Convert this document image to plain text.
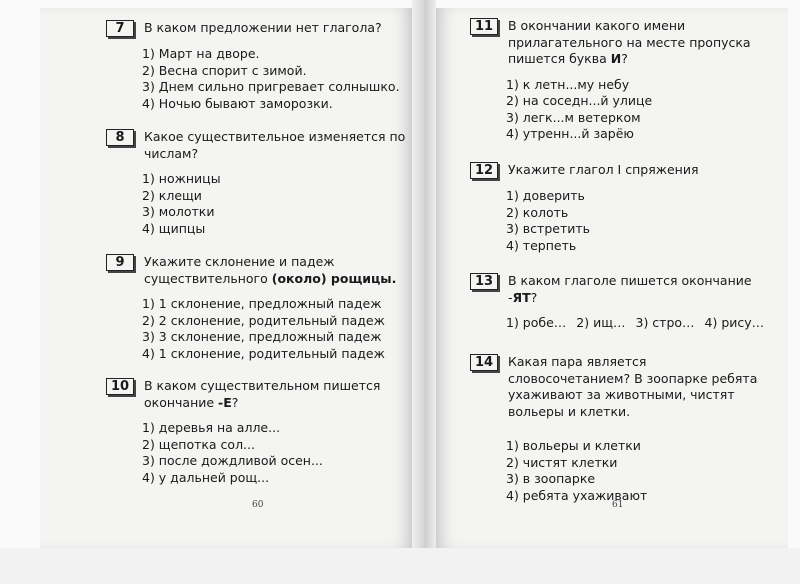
7	В каком предложении нет глагола?
1) Март на дворе.
2) Весна спорит с зимой.
3) Днем сильно пригревает солнышко.
4) Ночью бывают заморозки.
8	Какое существительное изменяется по числам?
1) ножницы
2) клещи
3) молотки
4) щипцы
9	Укажите склонение и падеж существительного (около) рощицы.
1) 1 склонение, предложный падеж
2) 2 склонение, родительный падеж
3) 3 склонение, предложный падеж
4) 1 склонение, родительный падеж
10	В каком существительном пишется окончание -Е?
1) деревья на алле...
2) щепотка сол...
3) после дождливой осен...
4) у дальней рощ...
60
11	В окончании какого имени прилагательного на месте пропуска пишется буква И?
1) к летн...му небу
2) на соседн...й улице
3) легк...м ветерком
4) утренн...й зарёю
12	Укажите глагол I спряжения
1) доверить
2) колоть
3) встретить
4) терпеть
13	В каком глаголе пишется окончание -ЯТ?
1) робе… 2) ищ… 3) стро… 4) рису…
14	Какая пара является словосочетанием? В зоопарке ребята ухаживают за животными, чистят вольеры и клетки.
1) вольеры и клетки
2) чистят клетки
3) в зоопарке
4) ребята ухаживают
61
